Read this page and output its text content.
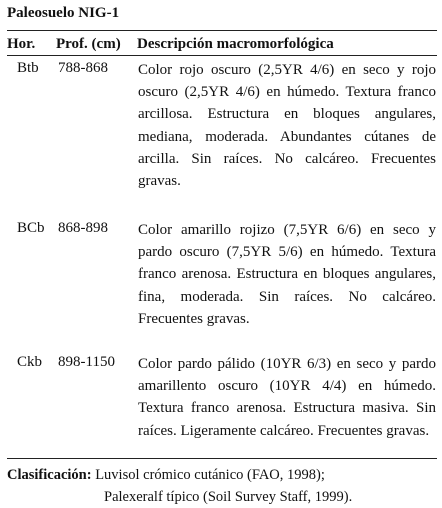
Paleosuelo NIG-1
Hor. Prof. (cm) Descripción macromorfológica
Btb 788-868	Color rojo oscuro (2,5YR 4/6) en seco y rojo oscuro (2,5YR 4/6) en húmedo. Textura franco arcillosa. Estructura en bloques angulares, mediana, moderada. Abundantes cútanes de arcilla. Sin raíces. No calcáreo. Frecuentes gravas.
BCb 868-898	Color amarillo rojizo (7,5YR 6/6) en seco y pardo oscuro (7,5YR 5/6) en húmedo. Textura franco arenosa. Estructura en bloques angulares, fina, moderada. Sin raíces. No calcáreo. Frecuentes gravas.
Ckb 898-1150	Color pardo pálido (10YR 6/3) en seco y pardo amarillento oscuro (10YR 4/4) en húmedo. Textura franco arenosa. Estructura masiva. Sin raíces. Ligeramente calcáreo. Frecuentes gravas.
Clasificación: Luvisol crómico cutánico (FAO, 1998);
Palexeralf típico (Soil Survey Staff, 1999).
